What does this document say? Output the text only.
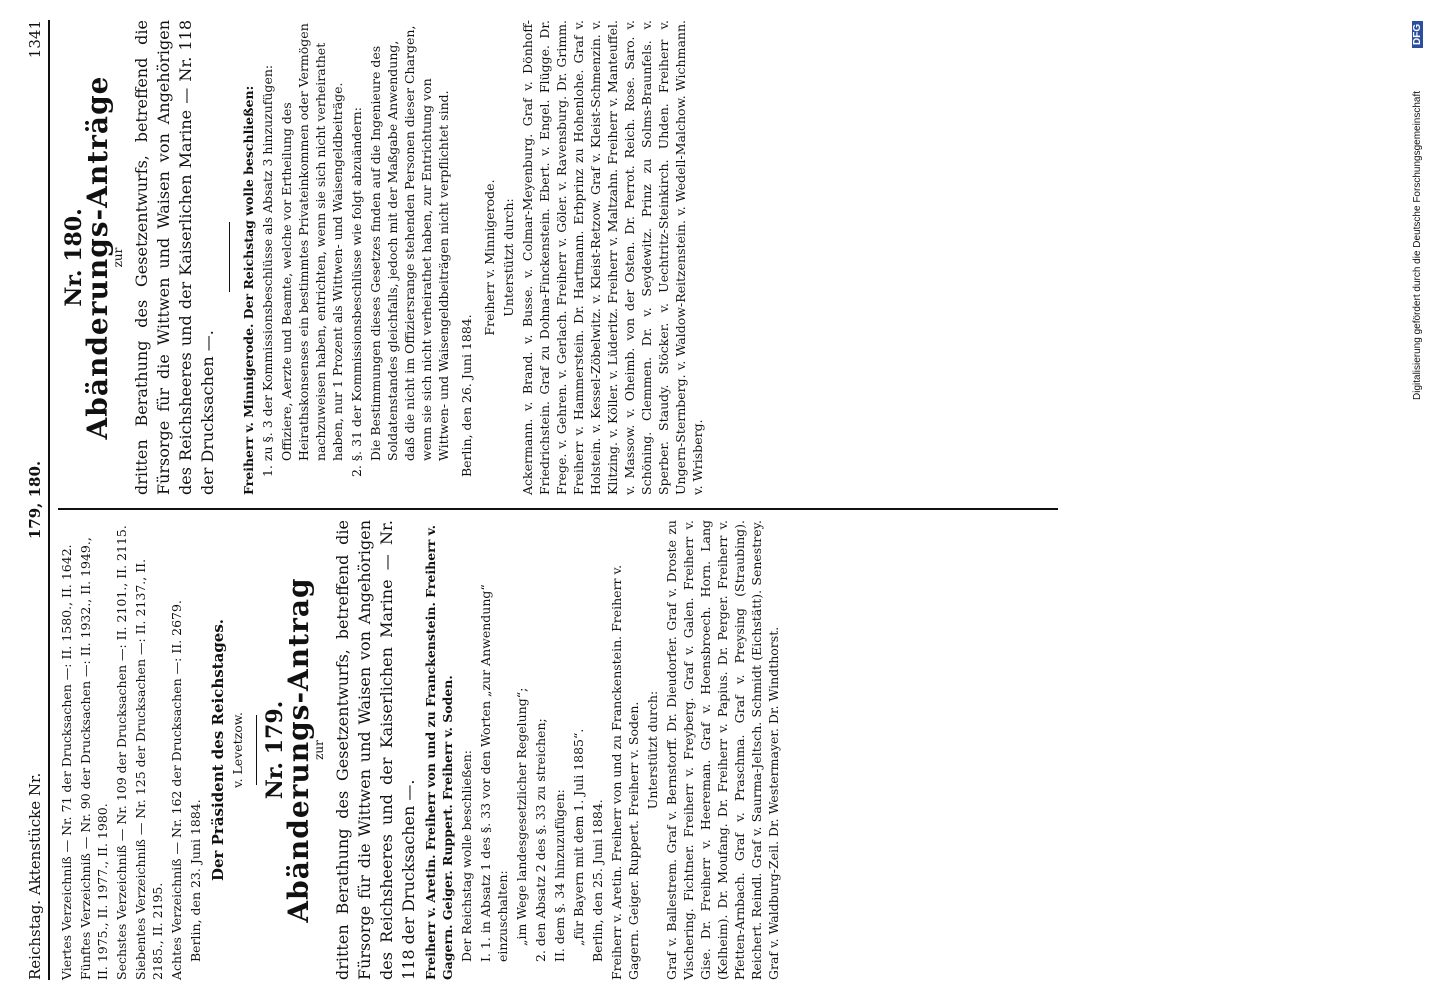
Reichstag. Aktenstücke Nr.
179, 180.
1341

Viertes Verzeichniß — Nr. 71 der Drucksachen —: II. 1580., II. 1642. Fünftes Verzeichniß — Nr. 90 der Drucksachen —: II. 1932., II. 1949., II. 1975., II. 1977., II. 1980. Sechstes Verzeichniß — Nr. 109 der Drucksachen —: II. 2101., II. 2115. Siebentes Verzeichniß — Nr. 125 der Drucksachen —: II. 2137., II. 2185., II. 2195. Achtes Verzeichniß — Nr. 162 der Drucksachen —: II. 2679. Berlin, den 23. Juni 1884. Der Präsident des Reichstages. v. Levetzow. Nr. 179.
Abänderungs-Antrag
zur dritten Berathung des Gesetzentwurfs, betreffend die Fürsorge für die Wittwen und Waisen von Angehörigen des Reichsheeres und der Kaiserlichen Marine — Nr. 118 der Drucksachen —. Freiherr v. Aretin. Freiherr von und zu Franckenstein. Freiherr v. Gagern. Geiger. Ruppert. Freiherr v. Soden. Der Reichstag wolle beschließen: I. 1. in Absatz 1 des §. 33 vor den Worten „zur Anwendung“ einzuschalten: „im Wege landesgesetzlicher Regelung“; 2. den Absatz 2 des §. 33 zu streichen; II. dem §. 34 hinzuzufügen: „für Bayern mit dem 1. Juli 1885“. Berlin, den 25. Juni 1884. Freiherr v. Aretin. Freiherr von und zu Franckenstein. Freiherr v. Gagern. Geiger. Ruppert. Freiherr v. Soden. Unterstützt durch: Graf v. Ballestrem. Graf v. Bernstorff. Dr. Dieudorfer. Graf v. Droste zu Vischering. Fichtner. Freiherr v. Freyberg. Graf v. Galen. Freiherr v. Gise. Dr. Freiherr v. Heereman. Graf v. Hoensbroech. Horn. Lang (Kelheim). Dr. Moufang. Dr. Freiherr v. Papius. Dr. Perger. Freiherr v. Pfetten-Arnbach. Graf v. Praschma. Graf v. Preysing (Straubing). Reichert. Reindl. Graf v. Saurma-Jeltsch. Schmidt (Eichstätt). Senestrey. Graf v. Waldburg-Zeil. Dr. Westermayer. Dr. Windthorst.

Nr. 180.
Abänderungs-Anträge
zur dritten Berathung des Gesetzentwurfs, betreffend die Fürsorge für die Wittwen und Waisen von Angehörigen des Reichsheeres und der Kaiserlichen Marine — Nr. 118 der Drucksachen —. Freiherr v. Minnigerode. Der Reichstag wolle beschließen: 1. zu §. 3 der Kommissionsbeschlüsse als Absatz 3 hinzuzufügen: Offiziere, Aerzte und Beamte, welche vor Ertheilung des Heirathskonsenses ein bestimmtes Privateinkommen oder Vermögen nachzuweisen haben, entrichten, wenn sie sich nicht verheirathet haben, nur 1 Prozent als Wittwen- und Waisengeldbeiträge. 2. §. 31 der Kommissionsbeschlüsse wie folgt abzuändern: Die Bestimmungen dieses Gesetzes finden auf die Ingenieure des Soldatenstandes gleichfalls, jedoch mit der Maßgabe Anwendung, daß die nicht im Offiziersrange stehenden Personen dieser Chargen, wenn sie sich nicht verheirathet haben, zur Entrichtung von Wittwen- und Waisengeldbeiträgen nicht verpflichtet sind. Berlin, den 26. Juni 1884.

Freiherr v. Minnigerode. Unterstützt durch: Ackermann. v. Brand. v. Busse. v. Colmar-Meyenburg. Graf v. Dönhoff-Friedrichstein. Graf zu Dohna-Finckenstein. Ebert. v. Engel. Flügge. Dr. Frege. v. Gehren. v. Gerlach. Freiherr v. Göler. v. Ravensburg. Dr. Grimm. Freiherr v. Hammerstein. Dr. Hartmann. Erbprinz zu Hohenlohe. Graf v. Holstein. v. Kessel-Zöbelwitz. v. Kleist-Retzow. Graf v. Kleist-Schmenzin. v. Klitzing. v. Köller. v. Lüderitz. Freiherr v. Maltzahn. Freiherr v. Manteuffel. v. Massow. v. Oheimb. von der Osten. Dr. Perrot. Reich. Rose. Saro. v. Schöning. Clemmen. Dr. v. Seydewitz. Prinz zu Solms-Braunfels. v. Sperber. Staudy. Stöcker. v. Uechtritz-Steinkirch. Uhden. Freiherr v. Ungern-Sternberg. v. Waldow-Reitzenstein. v. Wedell-Malchow. Wichmann. v. Wrisberg.

Digitalisierung gefördert durch die Deutsche Forschungsgemeinschaft
DFG
